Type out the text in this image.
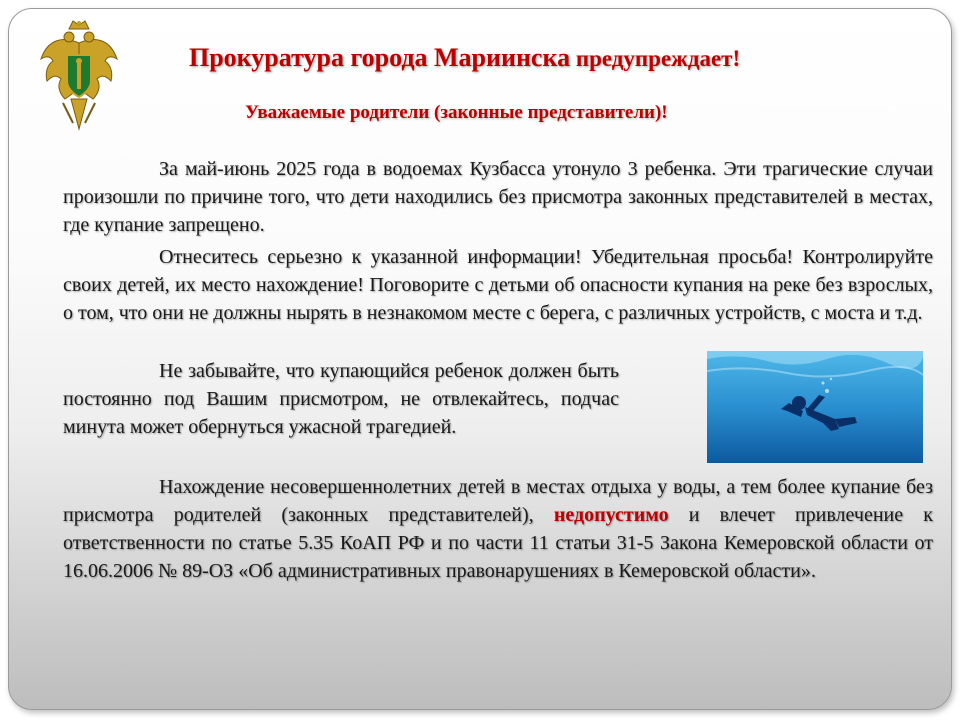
Прокуратура города Мариинска предупреждает!
Уважаемые родители (законные представители)!
За май-июнь 2025 года в водоемах Кузбасса утонуло 3 ребенка. Эти трагические случаи произошли по причине того, что дети находились без присмотра законных представителей в местах, где купание запрещено.
Отнеситесь серьезно к указанной информации! Убедительная просьба! Контролируйте своих детей, их место нахождение! Поговорите с детьми об опасности купания на реке без взрослых, о том, что они не должны нырять в незнакомом месте с берега, с различных устройств, с моста и т.д.
Не забывайте, что купающийся ребенок должен быть постоянно под Вашим присмотром, не отвлекайтесь, подчас минута может обернуться ужасной трагедией.
Нахождение несовершеннолетних детей в местах отдыха у воды, а тем более купание без присмотра родителей (законных представителей), недопустимо и влечет привлечение к ответственности по статье 5.35 КоАП РФ и по части 11 статьи 31-5 Закона Кемеровской области от 16.06.2006 № 89-ОЗ «Об административных правонарушениях в Кемеровской области».
